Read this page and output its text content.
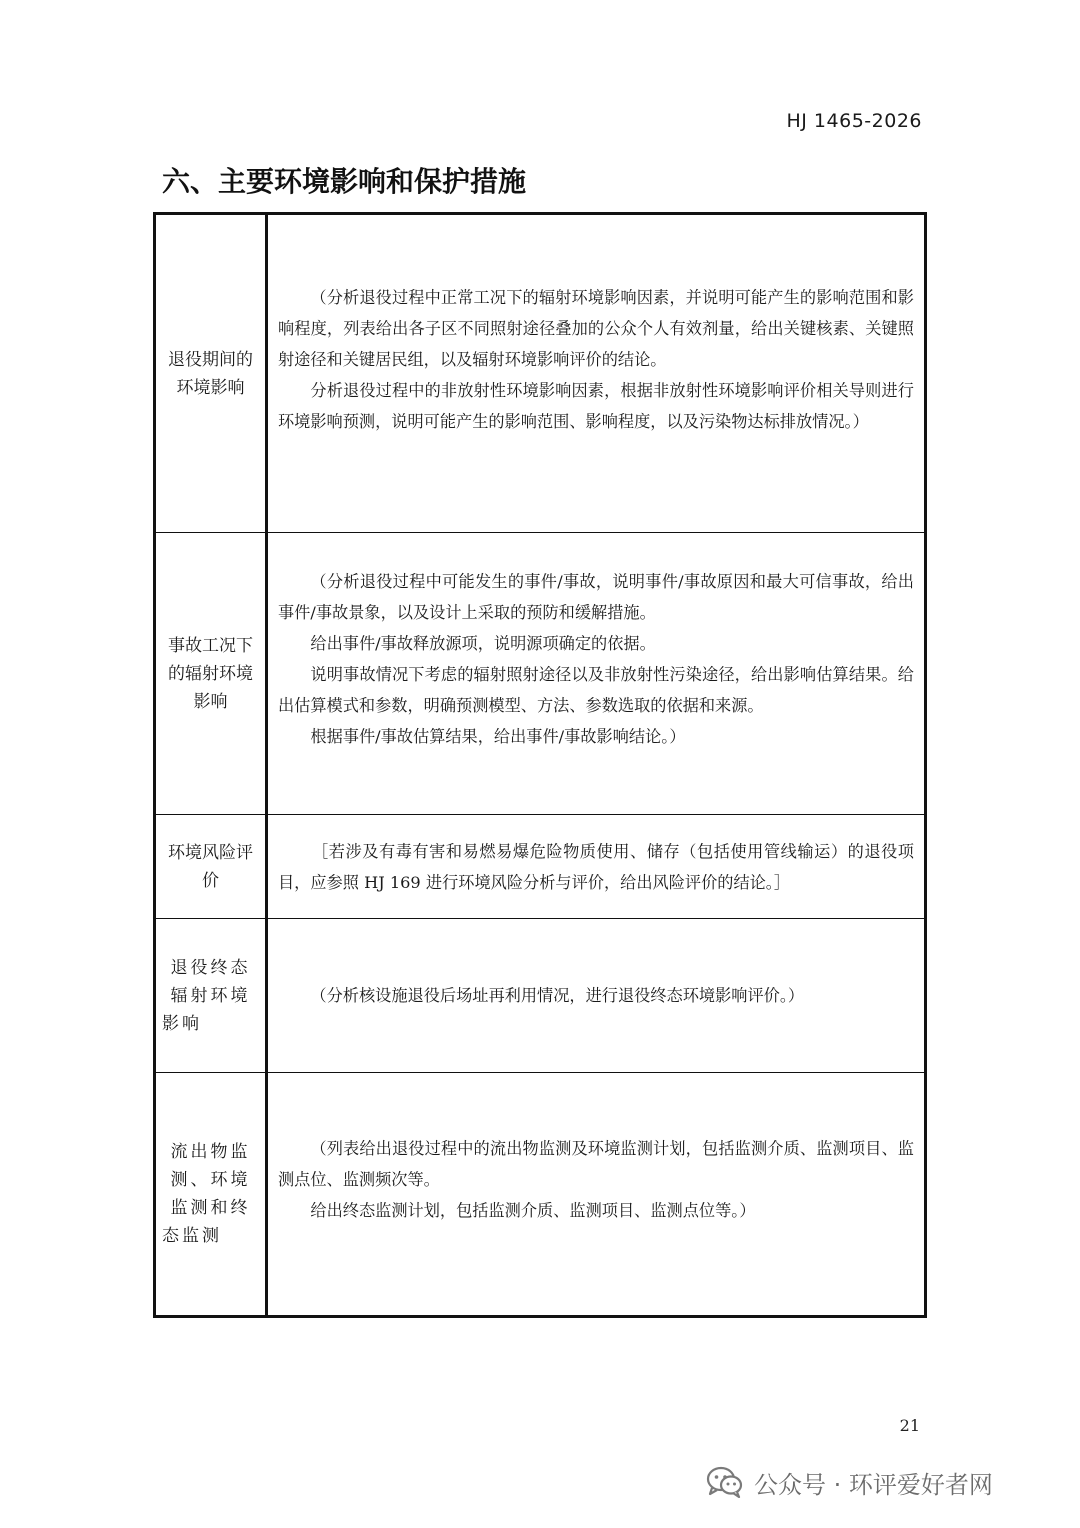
HJ 1465-2026
六、主要环境影响和保护措施
退役期间的环境影响	（分析退役过程中正常工况下的辐射环境影响因素，并说明可能产生的影响范围和影响程度，列表给出各子区不同照射途径叠加的公众个人有效剂量，给出关键核素、关键照射途径和关键居民组，以及辐射环境影响评价的结论。

分析退役过程中的非放射性环境影响因素，根据非放射性环境影响评价相关导则进行环境影响预测，说明可能产生的影响范围、影响程度，以及污染物达标排放情况。）

事故工况下的辐射环境影响	（分析退役过程中可能发生的事件/事故，说明事件/事故原因和最大可信事故，给出事件/事故景象，以及设计上采取的预防和缓解措施。

给出事件/事故释放源项，说明源项确定的依据。

说明事故情况下考虑的辐射照射途径以及非放射性污染途径，给出影响估算结果。给出估算模式和参数，明确预测模型、方法、参数选取的依据和来源。

根据事件/事故估算结果，给出事件/事故影响结论。）

环境风险评价	［若涉及有毒有害和易燃易爆危险物质使用、储存（包括使用管线输运）的退役项目，应参照 HJ 169 进行环境风险分析与评价，给出风险评价的结论。］

退役终态辐射环境影响	（分析核设施退役后场址再利用情况，进行退役终态环境影响评价。）

流出物监测、环境监测和终态监测	（列表给出退役过程中的流出物监测及环境监测计划，包括监测介质、监测项目、监测点位、监测频次等。

给出终态监测计划，包括监测介质、监测项目、监测点位等。）

21
公众号 · 环评爱好者网
